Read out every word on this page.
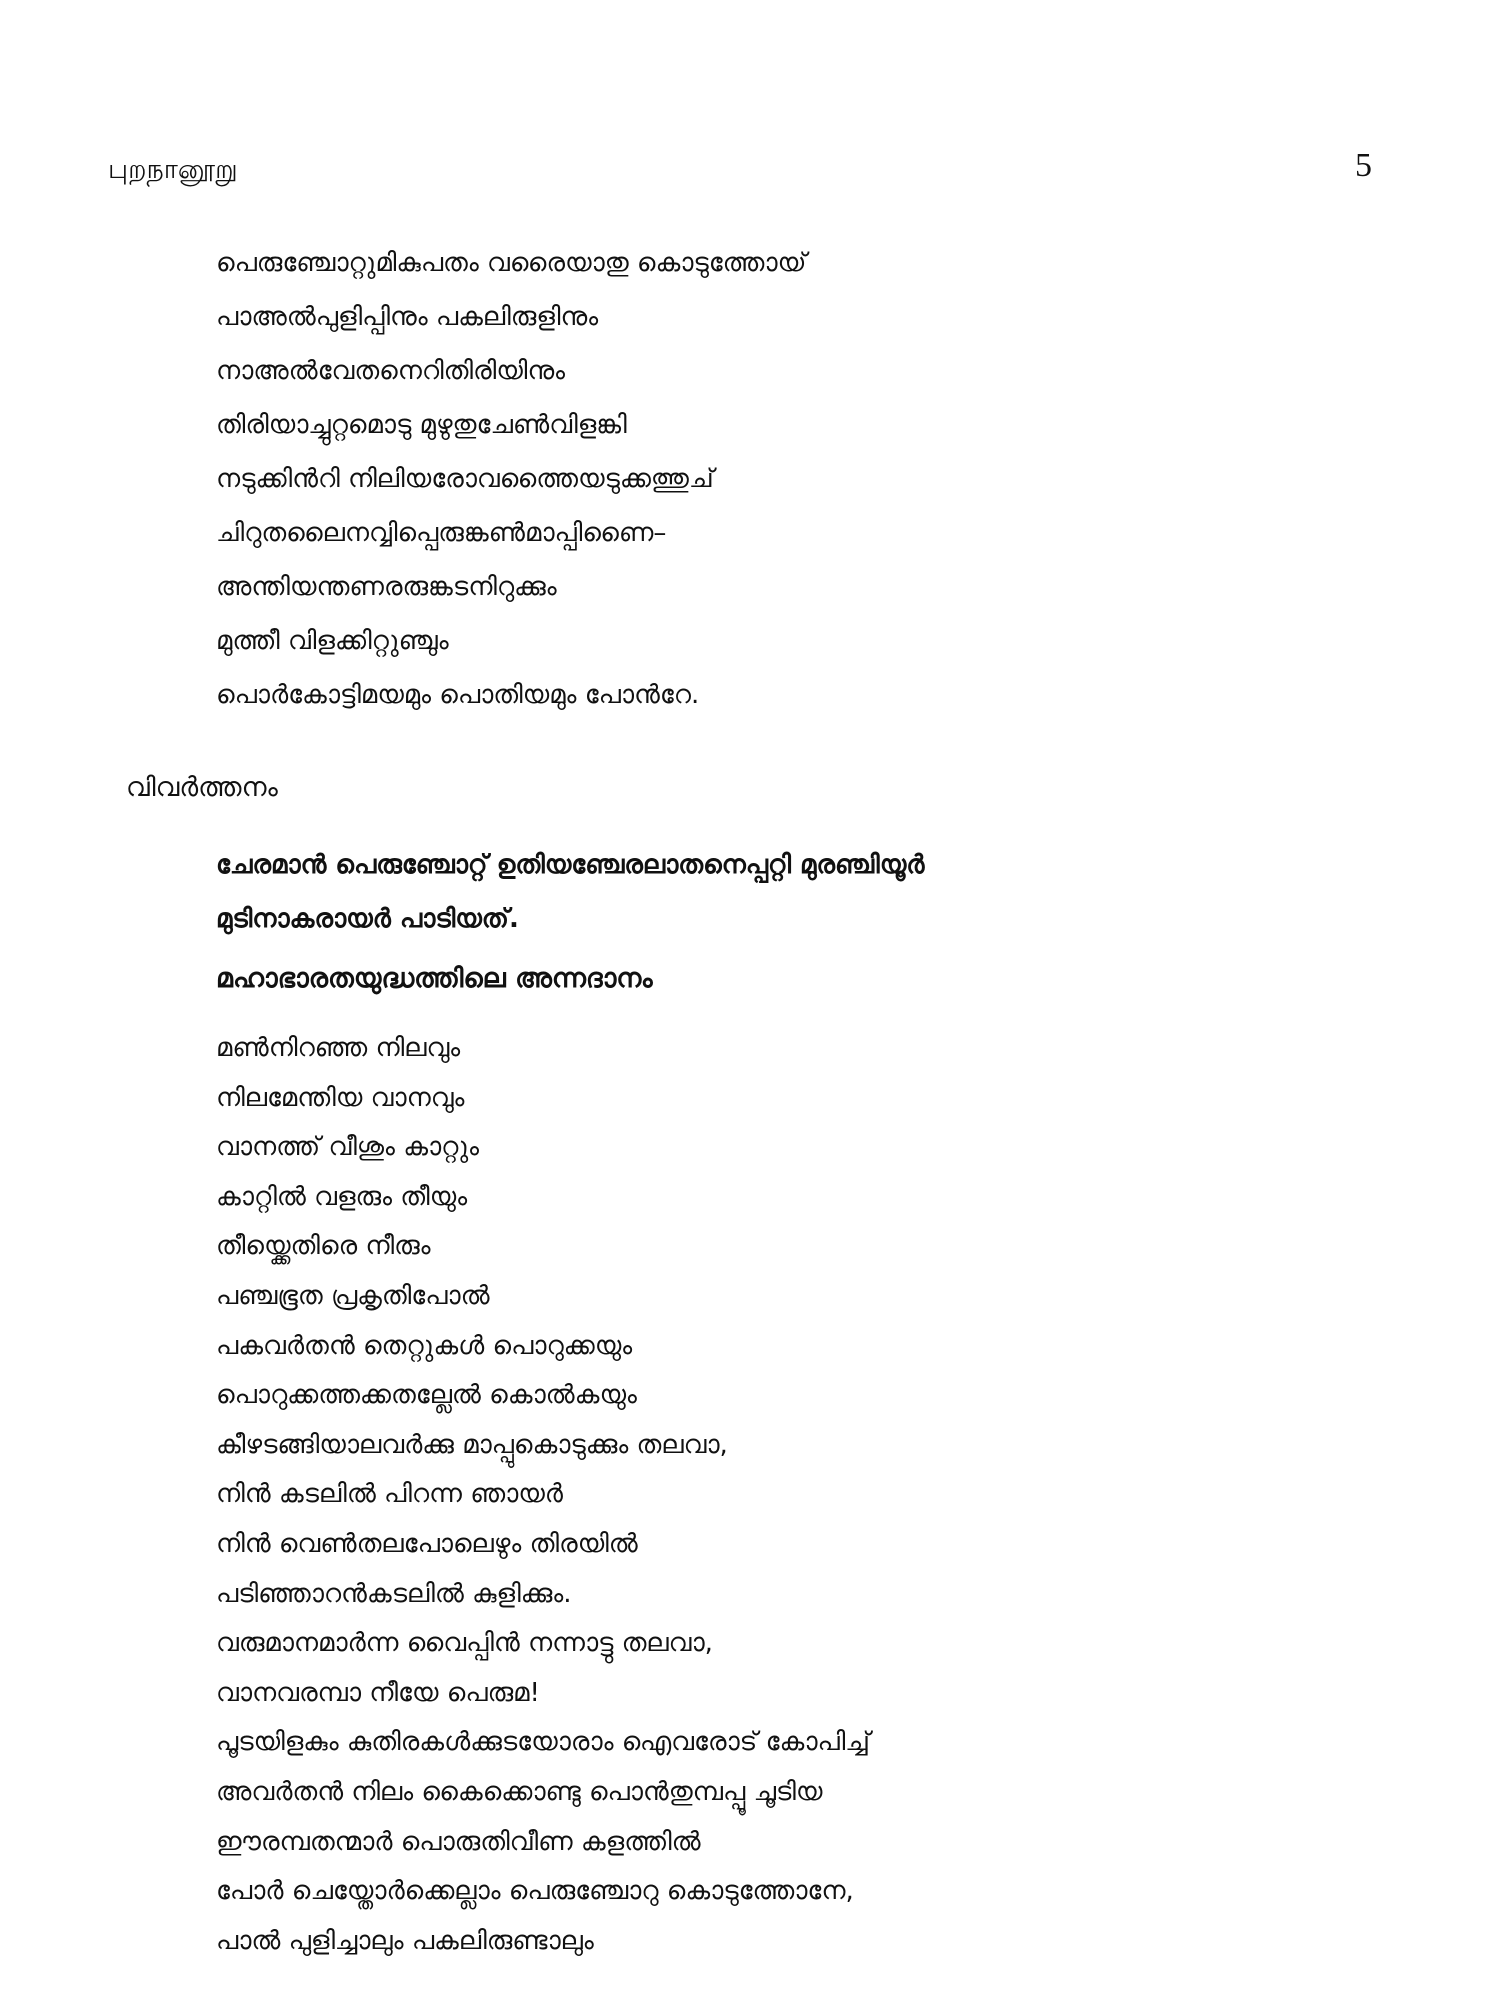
புறநானூறு	5
പെരുഞ്ചോറ്റുമികുപതം വരൈയാതു കൊടുത്തോയ്
പാഅൽപുളിപ്പിനും പകലിരുളിനും
നാഅൽവേതനെറിതിരിയിനും
തിരിയാച്ചുറ്റമൊടു മുഴുതുചേൺവിളങ്കി
നടുക്കിൻറി നിലിയരോവത്തൈയടുക്കത്തുച്
ചിറുതലൈനവ്വിപ്പെരുങ്കൺമാപ്പിണൈ–
അന്തിയന്തണരരുങ്കടനിറുക്കും
മുത്തീ വിളക്കിറ്റുഞ്ചും
പൊർകോട്ടിമയമും പൊതിയമും പോൻറേ.
വിവർത്തനം
ചേരമാൻ പെരുഞ്ചോറ്റ് ഉതിയഞ്ചേരലാതനെപ്പറ്റി മുരഞ്ചിയൂർ
മുടിനാകരായർ പാടിയത്.
മഹാഭാരതയുദ്ധത്തിലെ അന്നദാനം
മൺനിറഞ്ഞ നിലവും
നിലമേന്തിയ വാനവും
വാനത്ത് വീശും കാറ്റും
കാറ്റിൽ വളരും തീയും
തീയ്ക്കെതിരെ നീരും
പഞ്ചഭൂത പ്രകൃതിപോൽ
പകവർതൻ തെറ്റുകൾ പൊറുക്കയും
പൊറുക്കത്തക്കതല്ലേൽ കൊൽകയും
കീഴടങ്ങിയാലവർക്കു മാപ്പുകൊടുക്കും തലവാ,
നിൻ കടലിൽ പിറന്ന ഞായർ
നിൻ വെൺതലപോലെഴും തിരയിൽ
പടിഞ്ഞാറൻകടലിൽ കുളിക്കും.
വരുമാനമാർന്ന വൈപ്പിൻ നന്നാട്ടു തലവാ,
വാനവരമ്പാ നീയേ പെരുമ!
പൂടയിളകും കുതിരകൾക്കുടയോരാം ഐവരോട് കോപിച്ച്
അവർതൻ നിലം കൈക്കൊണ്ടു പൊൻതുമ്പപ്പൂ ചൂടിയ
ഈരമ്പതന്മാർ പൊരുതിവീണ കളത്തിൽ
പോർ ചെയ്തോർക്കെല്ലാം പെരുഞ്ചോറു കൊടുത്തോനേ,
പാൽ പുളിച്ചാലും പകലിരുണ്ടാലും
